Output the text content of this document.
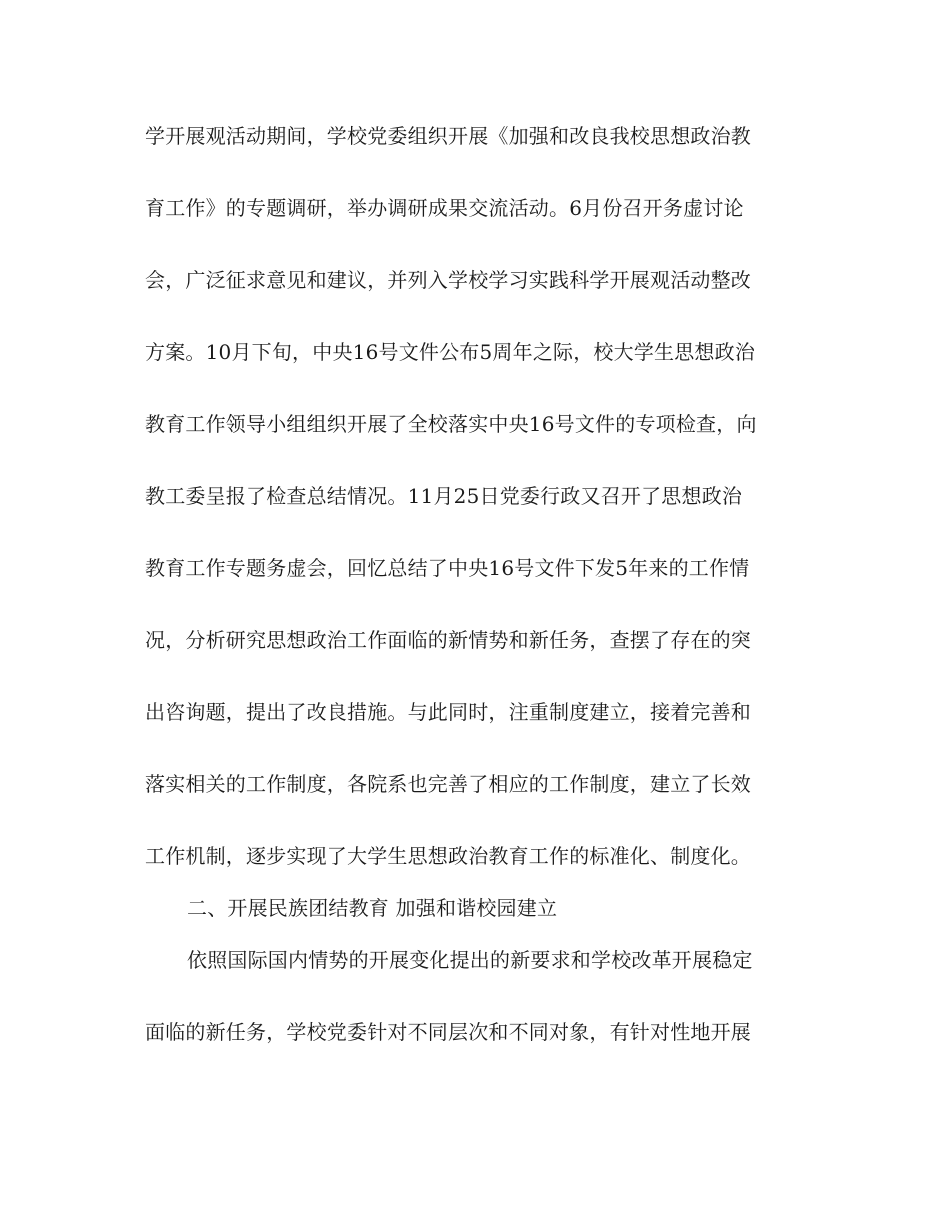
学开展观活动期间，学校党委组织开展《加强和改良我校思想政治教
育工作》的专题调研，举办调研成果交流活动。6月份召开务虚讨论
会，广泛征求意见和建议，并列入学校学习实践科学开展观活动整改
方案。10月下旬，中央16号文件公布5周年之际，校大学生思想政治
教育工作领导小组组织开展了全校落实中央16号文件的专项检查，向
教工委呈报了检查总结情况。11月25日党委行政又召开了思想政治
教育工作专题务虚会，回忆总结了中央16号文件下发5年来的工作情
况，分析研究思想政治工作面临的新情势和新任务，查摆了存在的突
出咨询题，提出了改良措施。与此同时，注重制度建立，接着完善和
落实相关的工作制度，各院系也完善了相应的工作制度，建立了长效
工作机制，逐步实现了大学生思想政治教育工作的标准化、制度化。
二、开展民族团结教育 加强和谐校园建立
依照国际国内情势的开展变化提出的新要求和学校改革开展稳定
面临的新任务，学校党委针对不同层次和不同对象，有针对性地开展
